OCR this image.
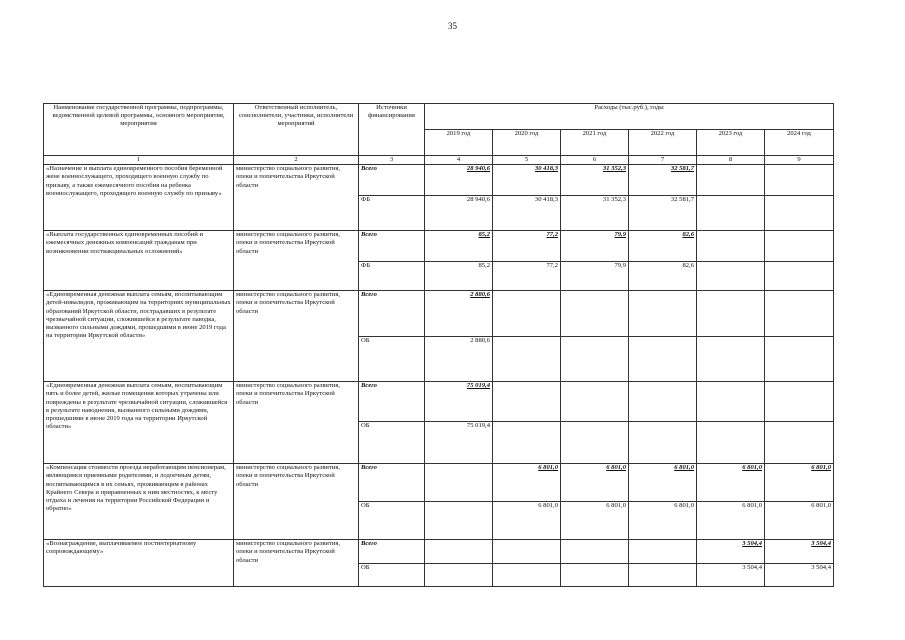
35
Наименование государственной программы, подпрограммы, ведомственной целевой программы, основного мероприятия, мероприятия	Ответственный исполнитель, соисполнители, участники, исполнители мероприятий	Источники финансирования	Расходы (тыс.руб.), годы					
			2019 год	2020 год	2021 год	2022 год	2023 год	2024 год
1	2	3	4	5	6	7	8	9
«Назначение и выплата единовременного пособия беременной жене военнослужащего, проходящего военную службу по призыву, а также ежемесячного пособия на ребенка военнослужащего, проходящего военную службу по призыву»	министерство социального развития, опеки и попечительства Иркутской области	Всего	28 940,6	30 418,3	31 352,3	32 581,7		
		ФБ	28 940,6	30 418,3	31 352,3	32 581,7		
«Выплата государственных единовременных пособий и ежемесячных денежных компенсаций гражданам при возникновении поствакцинальных осложнений»	министерство социального развития, опеки и попечительства Иркутской области	Всего	85,2	77,2	79,9	82,6		
		ФБ	85,2	77,2	79,9	82,6		
«Единовременная денежная выплата семьям, воспитывающим детей-инвалидов, проживающим на территориях муниципальных образований Иркутской области, пострадавших в результате чрезвычайной ситуации, сложившейся в результате паводка, вызванного сильными дождями, прошедшими в июне 2019 года на территории Иркутской области»	министерство социального развития, опеки и попечительства Иркутской области	Всего	2 880,6					
		ОБ	2 880,6					
«Единовременная денежная выплата семьям, воспитывающим пять и более детей, жилые помещения которых утрачены или повреждены в результате чрезвычайной ситуации, сложившейся в результате наводнения, вызванного сильными дождями, прошедшими в июне 2019 года на территории Иркутской области»	министерство социального развития, опеки и попечительства Иркутской области	Всего	75 019,4					
		ОБ	75 019,4					
«Компенсация стоимости проезда неработающим пенсионерам, являющимся приемными родителями, и лодоечным детям, воспитывающимся в их семьях, проживающим в районах Крайнего Севера и приравненных к ним местностях, к месту отдыха и лечения на территории Российской Федерации и обратно»	министерство социального развития, опеки и попечительства Иркутской области	Всего		6 801,0	6 801,0	6 801,0	6 801,0	6 801,0
		ОБ		6 801,0	6 801,0	6 801,0	6 801,0	6 801,0
«Вознаграждение, выплачиваемое постинтернатному сопровождающему»	министерство социального развития, опеки и попечительства Иркутской области	Всего					3 504,4	3 504,4
		ОБ					3 504,4	3 504,4
